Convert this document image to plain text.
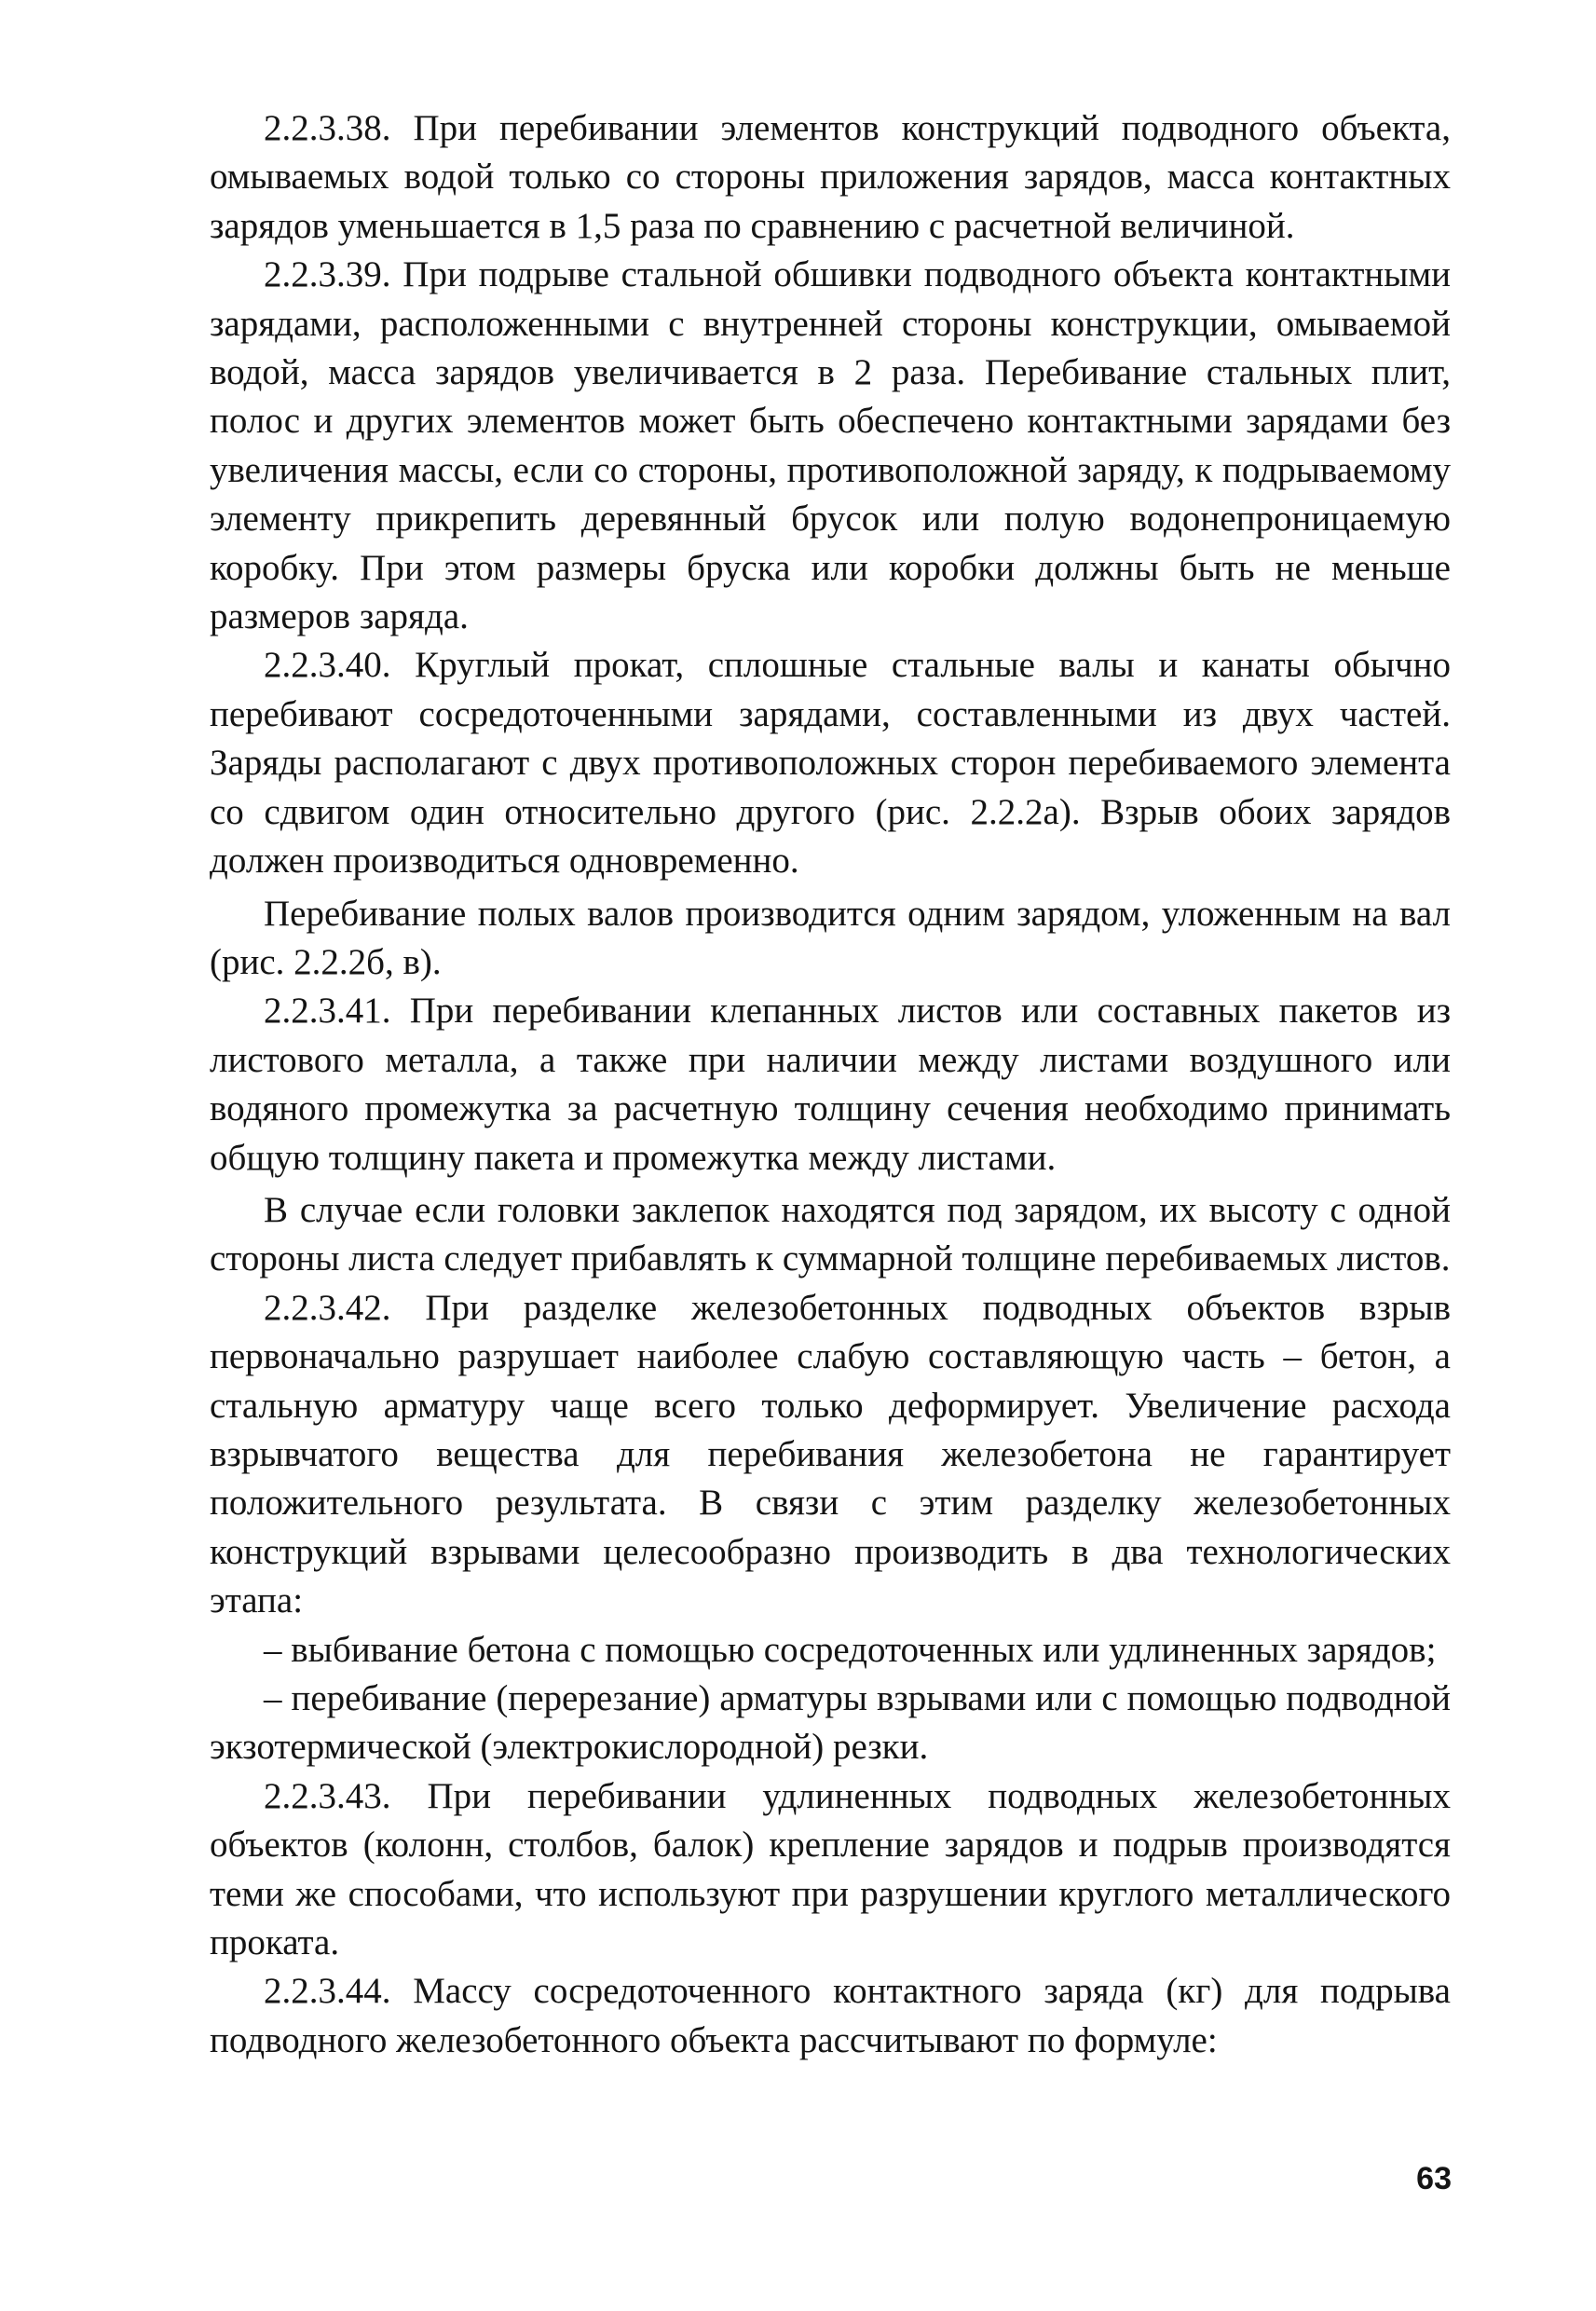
2.2.3.38. При перебивании элементов конструкций подводного объекта, омываемых водой только со стороны приложения зарядов, масса контактных зарядов уменьшается в 1,5 раза по сравнению с расчетной величиной.

2.2.3.39. При подрыве стальной обшивки подводного объекта контактными зарядами, расположенными с внутренней стороны конструкции, омываемой водой, масса зарядов увеличивается в 2 раза. Перебивание стальных плит, полос и других элементов может быть обеспечено контактными зарядами без увеличения массы, если со стороны, противоположной заряду, к подрываемому элементу прикрепить деревянный брусок или полую водонепроницаемую коробку. При этом размеры бруска или коробки должны быть не меньше размеров заряда.

2.2.3.40. Круглый прокат, сплошные стальные валы и канаты обычно перебивают сосредоточенными зарядами, составленными из двух частей. Заряды располагают с двух противоположных сторон перебиваемого элемента со сдвигом один относительно другого (рис. 2.2.2а). Взрыв обоих зарядов должен производиться одновременно.

Перебивание полых валов производится одним зарядом, уложенным на вал (рис. 2.2.2б, в).

2.2.3.41. При перебивании клепанных листов или составных пакетов из листового металла, а также при наличии между листами воздушного или водяного промежутка за расчетную толщину сечения необходимо принимать общую толщину пакета и промежутка между листами.

В случае если головки заклепок находятся под зарядом, их высоту с одной стороны листа следует прибавлять к суммарной толщине перебиваемых листов.

2.2.3.42. При разделке железобетонных подводных объектов взрыв первоначально разрушает наиболее слабую составляющую часть – бетон, а стальную арматуру чаще всего только деформирует. Увеличение расхода взрывчатого вещества для перебивания железобетона не гарантирует положительного результата. В связи с этим разделку железобетонных конструкций взрывами целесообразно производить в два технологических этапа:

– выбивание бетона с помощью сосредоточенных или удлиненных зарядов;

– перебивание (перерезание) арматуры взрывами или с помощью подводной экзотермической (электрокислородной) резки.

2.2.3.43. При перебивании удлиненных подводных железобетонных объектов (колонн, столбов, балок) крепление зарядов и подрыв производятся теми же способами, что используют при разрушении круглого металлического проката.

2.2.3.44. Массу сосредоточенного контактного заряда (кг) для подрыва подводного железобетонного объекта рассчитывают по формуле:

63
